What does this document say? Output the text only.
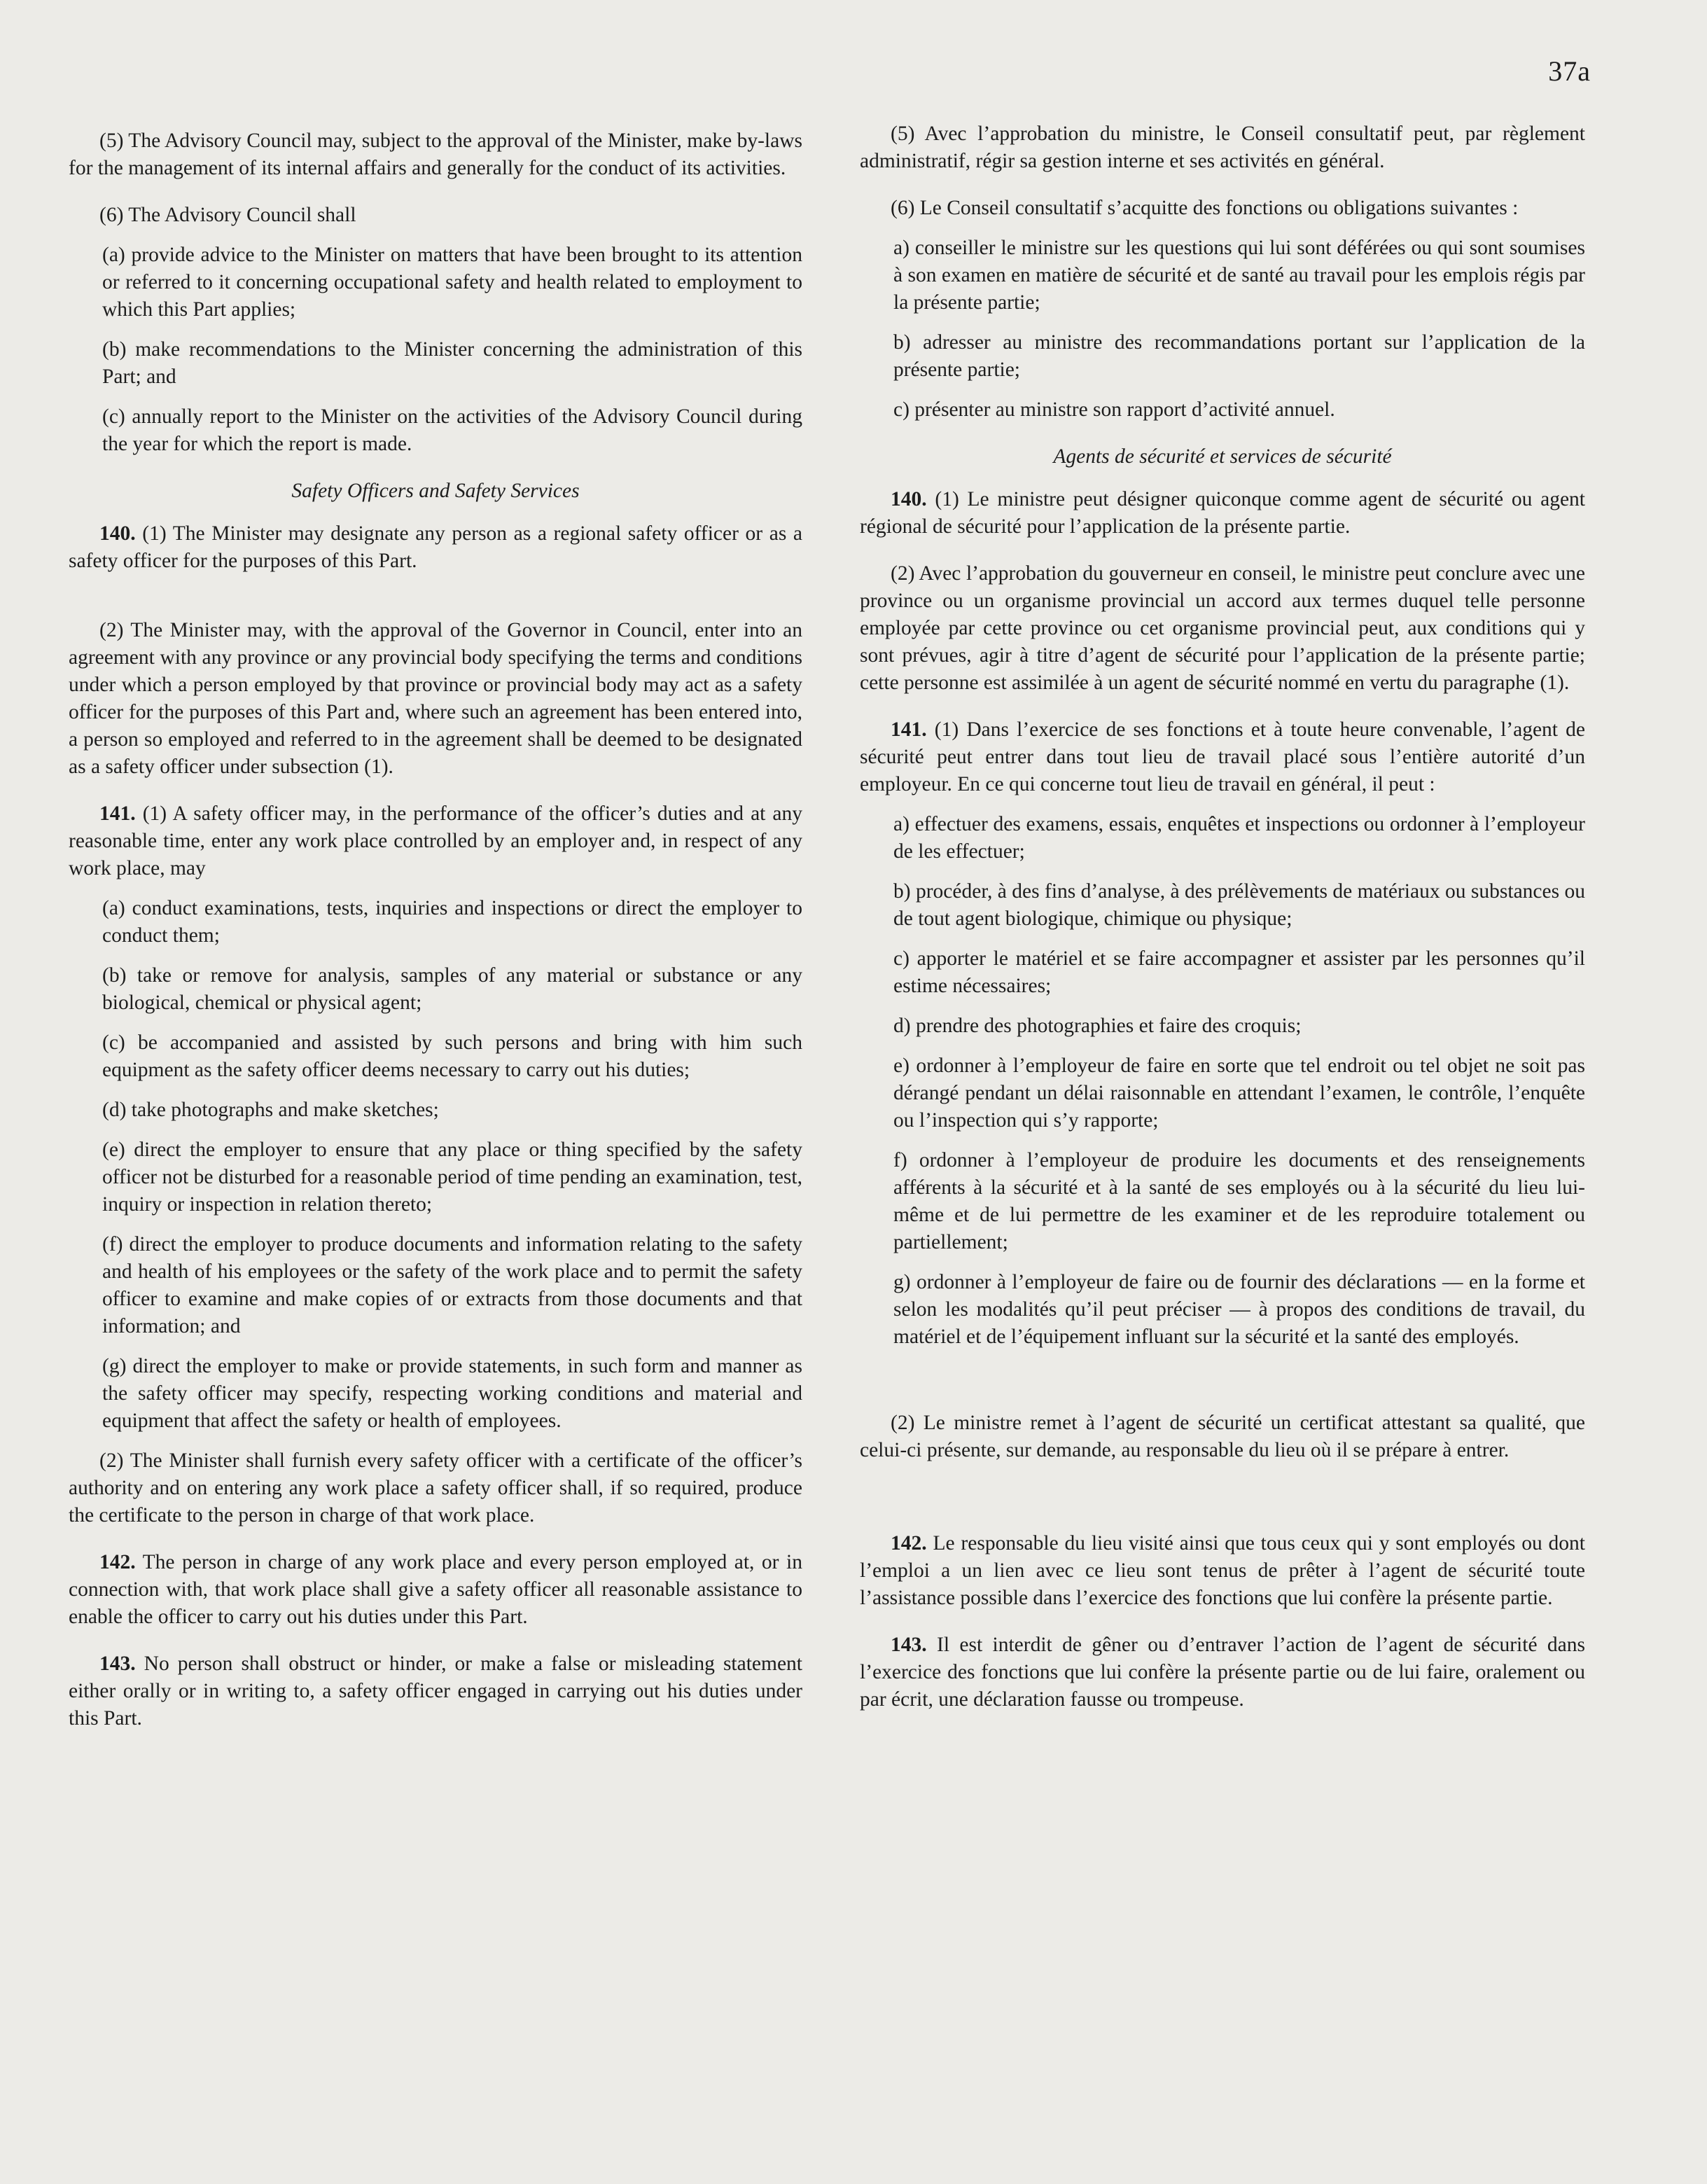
37a

(5) The Advisory Council may, subject to the approval of the Minister, make by-laws for the management of its internal affairs and generally for the conduct of its activities.

(6) The Advisory Council shall

(a) provide advice to the Minister on matters that have been brought to its attention or referred to it concerning occupational safety and health related to employment to which this Part applies;

(b) make recommendations to the Minister concerning the administration of this Part; and

(c) annually report to the Minister on the activities of the Advisory Council during the year for which the report is made.

Safety Officers and Safety Services

140. (1) The Minister may designate any person as a regional safety officer or as a safety officer for the purposes of this Part.

(2) The Minister may, with the approval of the Governor in Council, enter into an agreement with any province or any provincial body specifying the terms and conditions under which a person employed by that province or provincial body may act as a safety officer for the purposes of this Part and, where such an agreement has been entered into, a person so employed and referred to in the agreement shall be deemed to be designated as a safety officer under subsection (1).

141. (1) A safety officer may, in the performance of the officer’s duties and at any reasonable time, enter any work place controlled by an employer and, in respect of any work place, may

(a) conduct examinations, tests, inquiries and inspections or direct the employer to conduct them;

(b) take or remove for analysis, samples of any material or substance or any biological, chemical or physical agent;

(c) be accompanied and assisted by such persons and bring with him such equipment as the safety officer deems necessary to carry out his duties;

(d) take photographs and make sketches;

(e) direct the employer to ensure that any place or thing specified by the safety officer not be disturbed for a reasonable period of time pending an examination, test, inquiry or inspection in relation thereto;

(f) direct the employer to produce documents and information relating to the safety and health of his employees or the safety of the work place and to permit the safety officer to examine and make copies of or extracts from those documents and that information; and

(g) direct the employer to make or provide statements, in such form and manner as the safety officer may specify, respecting working conditions and material and equipment that affect the safety or health of employees.

(2) The Minister shall furnish every safety officer with a certificate of the officer’s authority and on entering any work place a safety officer shall, if so required, produce the certificate to the person in charge of that work place.

142. The person in charge of any work place and every person employed at, or in connection with, that work place shall give a safety officer all reasonable assistance to enable the officer to carry out his duties under this Part.

143. No person shall obstruct or hinder, or make a false or misleading statement either orally or in writing to, a safety officer engaged in carrying out his duties under this Part.

(5) Avec l’approbation du ministre, le Conseil consultatif peut, par règlement administratif, régir sa gestion interne et ses activités en général.

(6) Le Conseil consultatif s’acquitte des fonctions ou obligations suivantes :

a) conseiller le ministre sur les questions qui lui sont déférées ou qui sont soumises à son examen en matière de sécurité et de santé au travail pour les emplois régis par la présente partie;

b) adresser au ministre des recommandations portant sur l’application de la présente partie;

c) présenter au ministre son rapport d’activité annuel.

Agents de sécurité et services de sécurité

140. (1) Le ministre peut désigner quiconque comme agent de sécurité ou agent régional de sécurité pour l’application de la présente partie.

(2) Avec l’approbation du gouverneur en conseil, le ministre peut conclure avec une province ou un organisme provincial un accord aux termes duquel telle personne employée par cette province ou cet organisme provincial peut, aux conditions qui y sont prévues, agir à titre d’agent de sécurité pour l’application de la présente partie; cette personne est assimilée à un agent de sécurité nommé en vertu du paragraphe (1).

141. (1) Dans l’exercice de ses fonctions et à toute heure convenable, l’agent de sécurité peut entrer dans tout lieu de travail placé sous l’entière autorité d’un employeur. En ce qui concerne tout lieu de travail en général, il peut :

a) effectuer des examens, essais, enquêtes et inspections ou ordonner à l’employeur de les effectuer;

b) procéder, à des fins d’analyse, à des prélèvements de matériaux ou substances ou de tout agent biologique, chimique ou physique;

c) apporter le matériel et se faire accompagner et assister par les personnes qu’il estime nécessaires;

d) prendre des photographies et faire des croquis;

e) ordonner à l’employeur de faire en sorte que tel endroit ou tel objet ne soit pas dérangé pendant un délai raisonnable en attendant l’examen, le contrôle, l’enquête ou l’inspection qui s’y rapporte;

f) ordonner à l’employeur de produire les documents et des renseignements afférents à la sécurité et à la santé de ses employés ou à la sécurité du lieu lui-même et de lui permettre de les examiner et de les reproduire totalement ou partiellement;

g) ordonner à l’employeur de faire ou de fournir des déclarations — en la forme et selon les modalités qu’il peut préciser — à propos des conditions de travail, du matériel et de l’équipement influant sur la sécurité et la santé des employés.

(2) Le ministre remet à l’agent de sécurité un certificat attestant sa qualité, que celui-ci présente, sur demande, au responsable du lieu où il se prépare à entrer.

142. Le responsable du lieu visité ainsi que tous ceux qui y sont employés ou dont l’emploi a un lien avec ce lieu sont tenus de prêter à l’agent de sécurité toute l’assistance possible dans l’exercice des fonctions que lui confère la présente partie.

143. Il est interdit de gêner ou d’entraver l’action de l’agent de sécurité dans l’exercice des fonctions que lui confère la présente partie ou de lui faire, oralement ou par écrit, une déclaration fausse ou trompeuse.
